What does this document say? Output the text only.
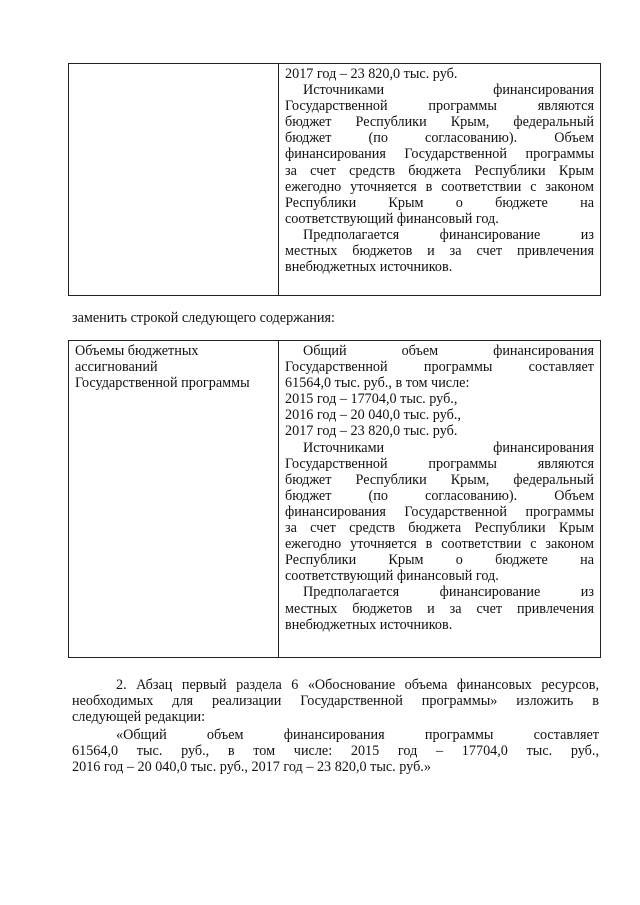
2017 год – 23 820,0 тыс. руб.
Источниками финансирования
Государственной программы являются
бюджет Республики Крым, федеральный
бюджет (по согласованию). Объем
финансирования Государственной программы
за счет средств бюджета Республики Крым
ежегодно уточняется в соответствии с законом
Республики Крым о бюджете на
соответствующий финансовый год.
Предполагается финансирование из
местных бюджетов и за счет привлечения
внебюджетных источников.
заменить строкой следующего содержания:
Объемы бюджетных
ассигнований
Государственной программы
Общий объем финансирования
Государственной программы составляет
61564,0 тыс. руб., в том числе:
2015 год – 17704,0 тыс. руб.,
2016 год – 20 040,0 тыс. руб.,
2017 год – 23 820,0 тыс. руб.
Источниками финансирования
Государственной программы являются
бюджет Республики Крым, федеральный
бюджет (по согласованию). Объем
финансирования Государственной программы
за счет средств бюджета Республики Крым
ежегодно уточняется в соответствии с законом
Республики Крым о бюджете на
соответствующий финансовый год.
Предполагается финансирование из
местных бюджетов и за счет привлечения
внебюджетных источников.
2. Абзац первый раздела 6 «Обоснование объема финансовых ресурсов,
необходимых для реализации Государственной программы» изложить в
следующей редакции:
«Общий объем финансирования программы составляет
61564,0 тыс. руб., в том числе: 2015 год – 17704,0 тыс. руб.,
2016 год – 20 040,0 тыс. руб., 2017 год – 23 820,0 тыс. руб.»
